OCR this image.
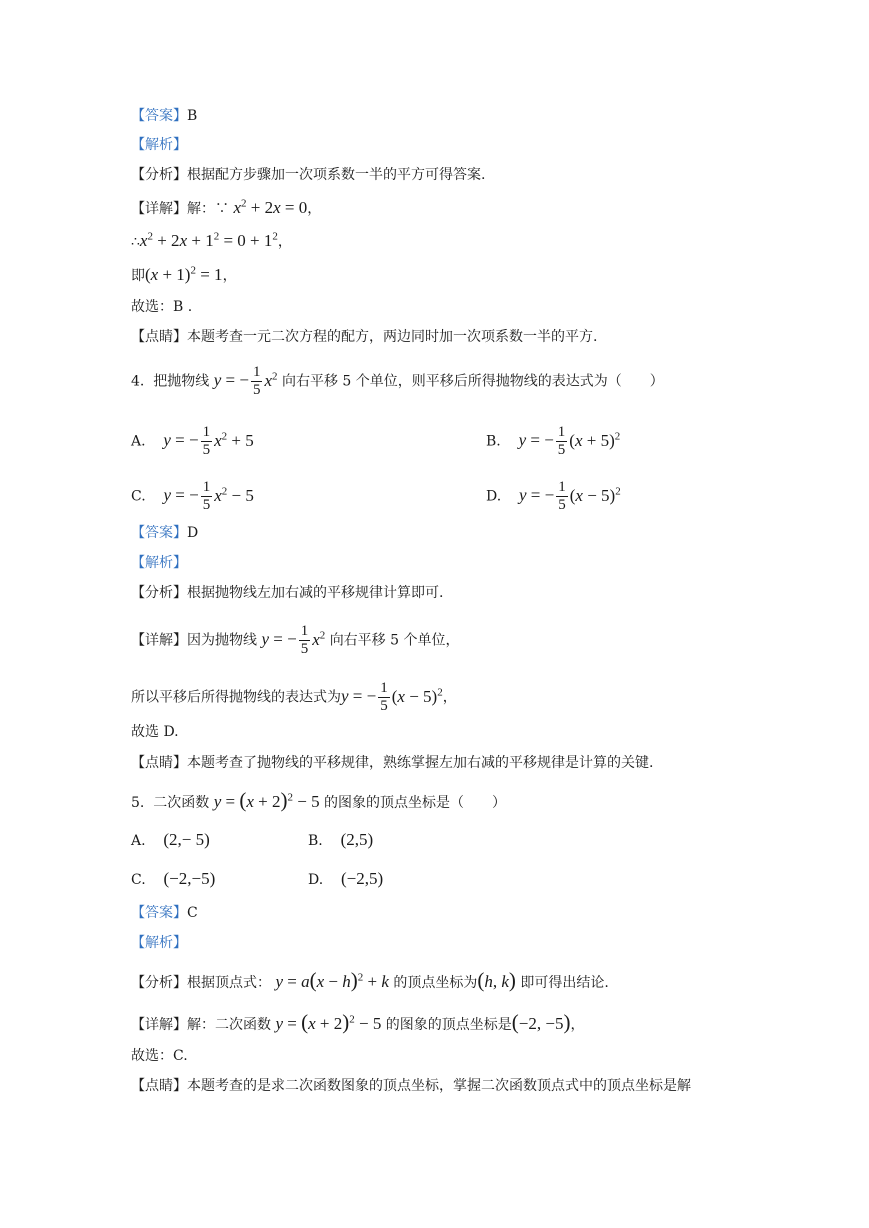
【答案】B
【解析】
【分析】根据配方步骤加一次项系数一半的平方可得答案.
【详解】解：∵ $x^2 + 2x = 0$，
$\therefore x^2 + 2x + 1^2 = 0 + 1^2$，
即$(x + 1)^2 = 1$，
故选：B .
【点睛】本题考查一元二次方程的配方，两边同时加一次项系数一半的平方.
4. 把抛物线 y = − $\frac{1}{5} x^2$ 向右平移 5 个单位，则平移后所得抛物线的表达式为（　　）
A. y = − $\frac{1}{5} x^2 + 5$	B. y = − $\frac{1}{5} (x + 5)^2$
C. y = − $\frac{1}{5} x^2 - 5$	D. y = − $\frac{1}{5} (x - 5)^2$
【答案】D
【解析】
【分析】根据抛物线左加右减的平移规律计算即可.
【详解】因为抛物线 y = − $\frac{1}{5} x^2$ 向右平移 5 个单位，
所以平移后所得抛物线的表达式为y = − $\frac{1}{5} (x - 5)^2$，
故选 D.
【点睛】本题考查了抛物线的平移规律，熟练掌握左加右减的平移规律是计算的关键.
5. 二次函数 $y = (x + 2)^2 - 5$ 的图象的顶点坐标是（　　）
A. (2,− 5)	B. (2,5)
C. (−2,−5)	D. (−2,5)
【答案】C
【解析】
【分析】根据顶点式： $y = a(x - h)^2 + k$ 的顶点坐标为(h, k) 即可得出结论.
【详解】解：二次函数 $y = (x + 2)^2 - 5$ 的图象的顶点坐标是(−2, −5)，
故选：C.
【点睛】本题考查的是求二次函数图象的顶点坐标，掌握二次函数顶点式中的顶点坐标是解
